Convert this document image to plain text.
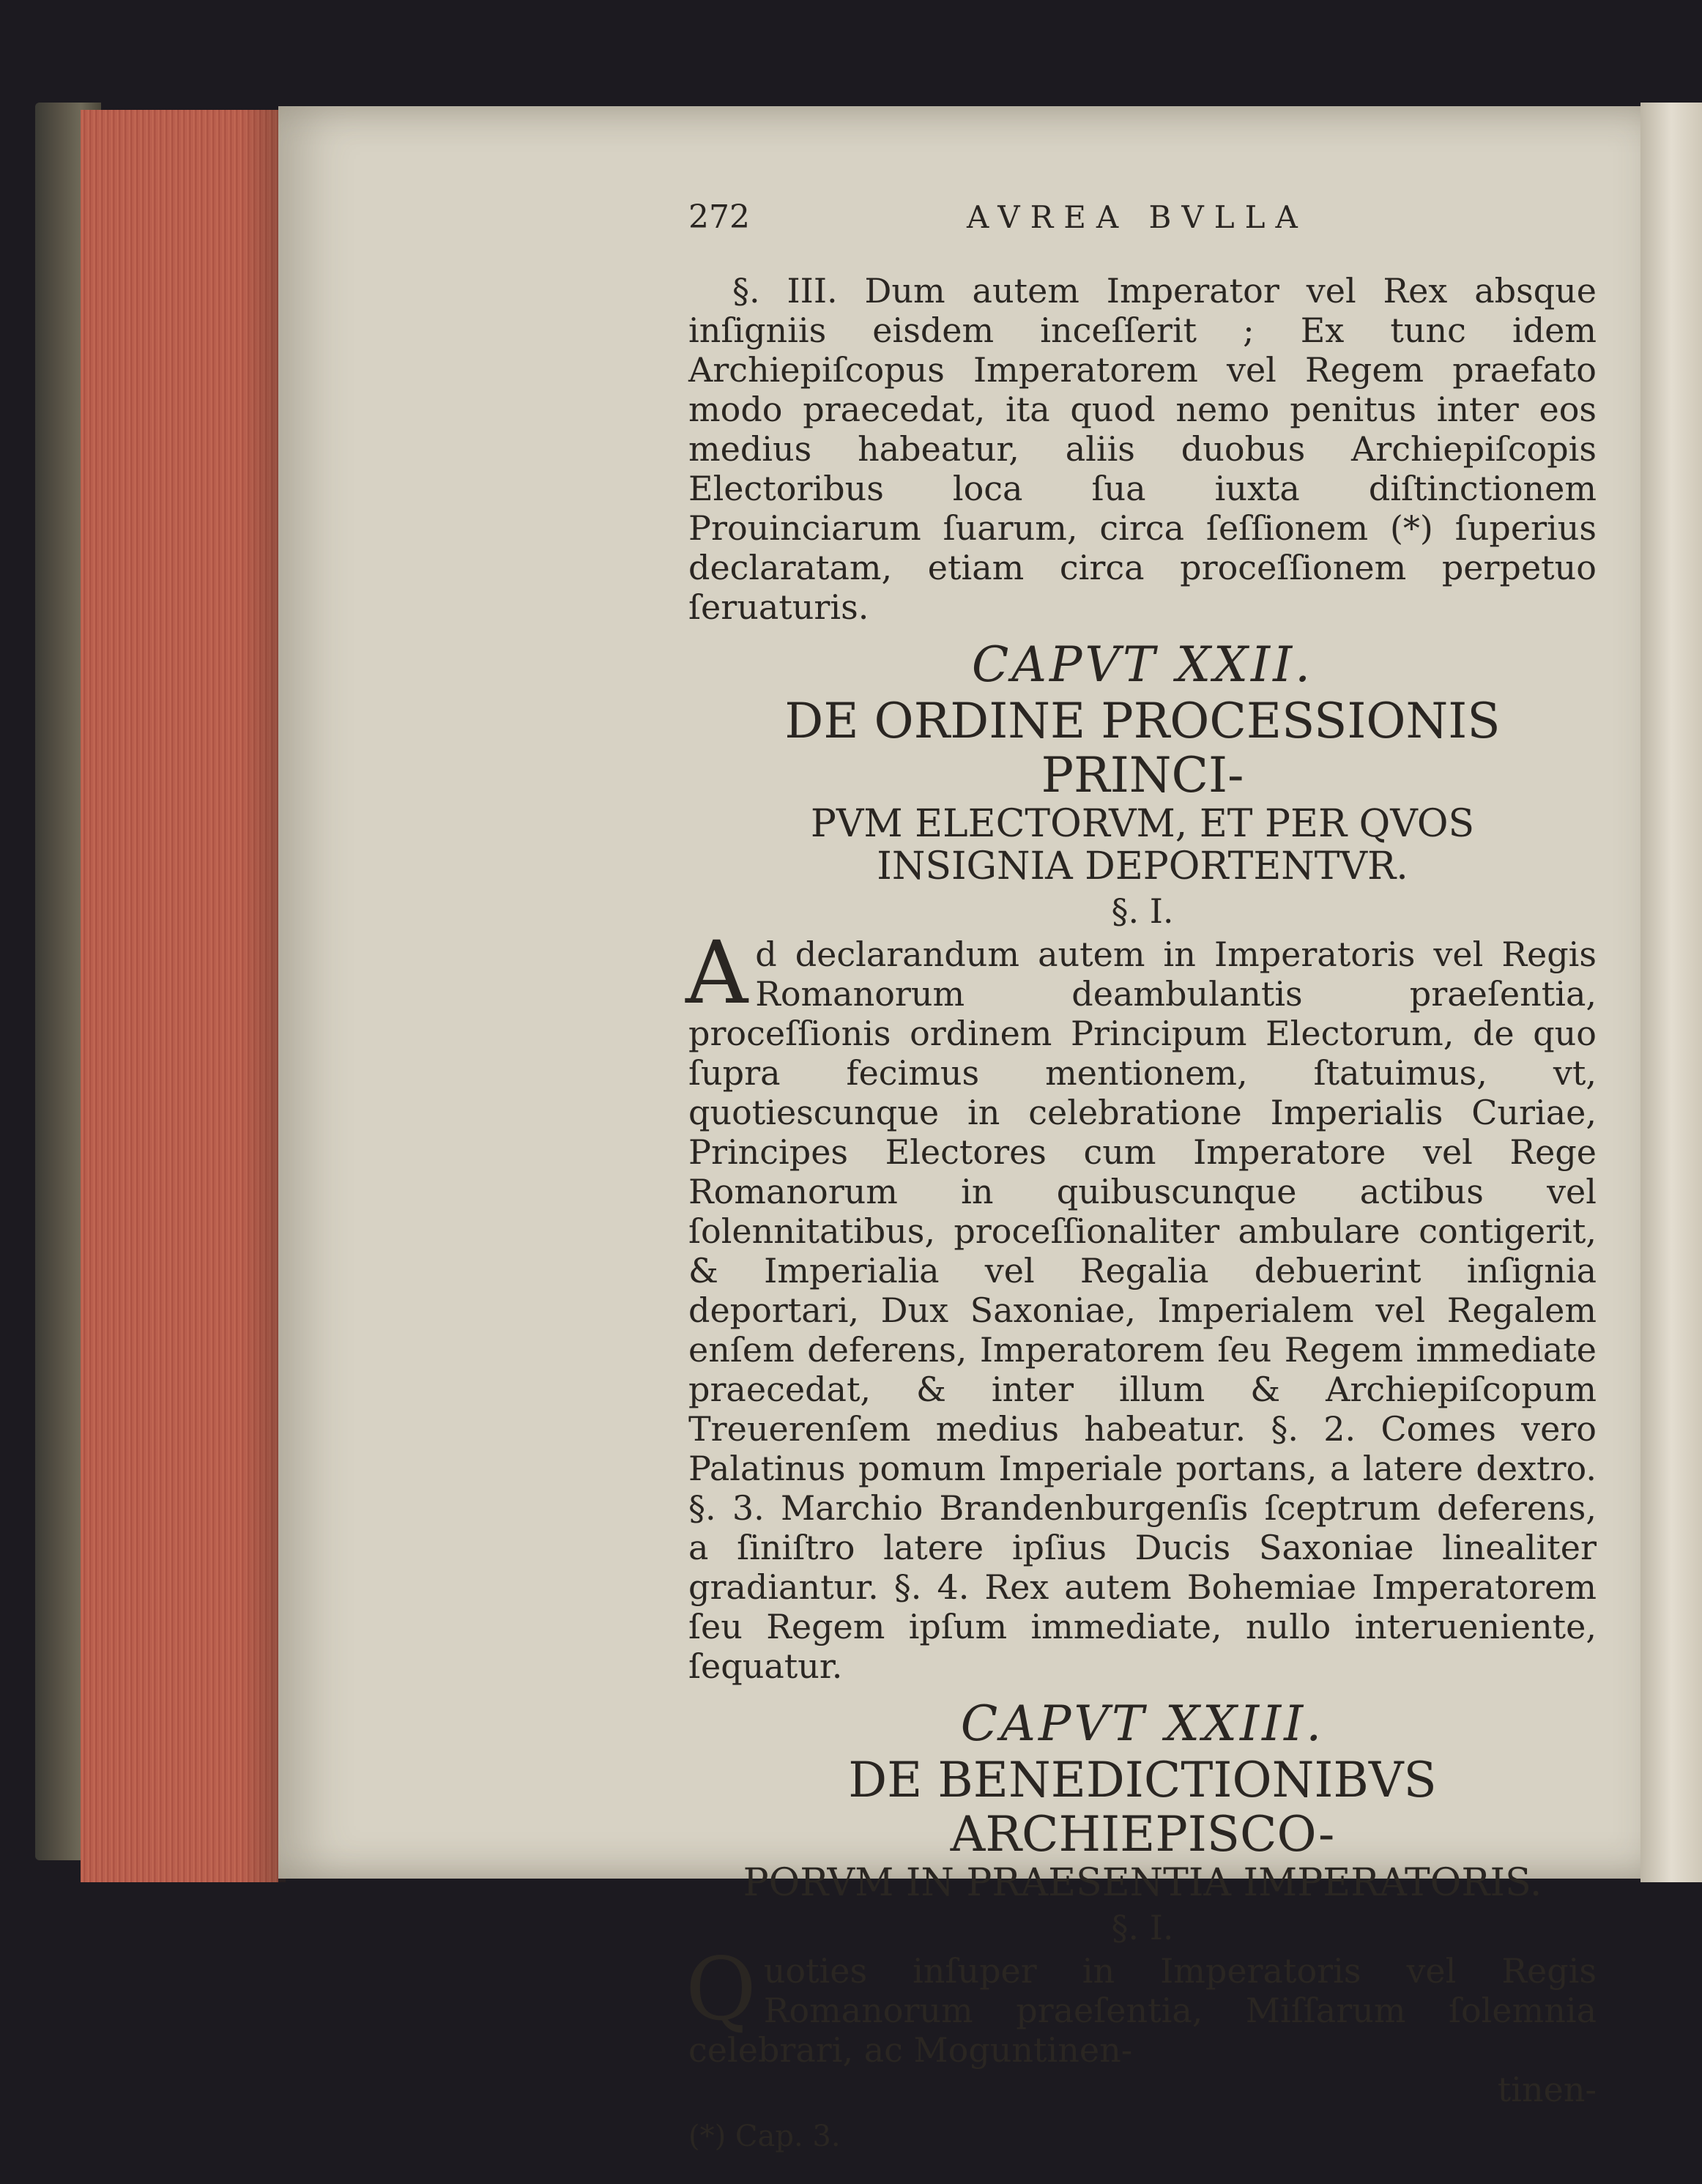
272	AVREA BVLLA

§. III. Dum autem Imperator vel Rex absque inſigniis eisdem inceſſerit ; Ex tunc idem Archiepiſcopus Imperatorem vel Regem praefato modo praecedat, ita quod nemo penitus inter eos medius habeatur, aliis duobus Archiepiſcopis Electoribus loca ſua iuxta diſtinctionem Prouinciarum ſuarum, circa ſeſſionem (*) ſuperius declaratam, etiam circa proceſſionem perpetuo ſeruaturis.

CAPVT XXII.

DE ORDINE PROCESSIONIS PRINCI-

PVM ELECTORVM, ET PER QVOS

INSIGNIA DEPORTENTVR.

§. I.

Ad declarandum autem in Imperatoris vel Regis Romanorum deambulantis praeſentia, proceſſionis ordinem Principum Electorum, de quo ſupra fecimus mentionem, ſtatuimus, vt, quotiescunque in celebratione Imperialis Curiae, Principes Electores cum Imperatore vel Rege Romanorum in quibuscunque actibus vel ſolennitatibus, proceſſionaliter ambulare contigerit, & Imperialia vel Regalia debuerint inſignia deportari, Dux Saxoniae, Imperialem vel Regalem enſem deferens, Imperatorem ſeu Regem immediate praecedat, & inter illum & Archiepiſcopum Treuerenſem medius habeatur. §. 2. Comes vero Palatinus pomum Imperiale portans, a latere dextro. §. 3. Marchio Brandenburgenſis ſceptrum deferens, a ſiniſtro latere ipſius Ducis Saxoniae linealiter gradiantur. §. 4. Rex autem Bohemiae Imperatorem ſeu Regem ipſum immediate, nullo interueniente, ſequatur.

CAPVT XXIII.

DE BENEDICTIONIBVS ARCHIEPISCO-

PORVM IN PRAESENTIA IMPERATORIS.

§. I.

Quoties inſuper in Imperatoris vel Regis Romanorum praeſentia, Miſſarum ſolemnia celebrari, ac Moguntinen-

tinen-

(*) Cap. 3.
